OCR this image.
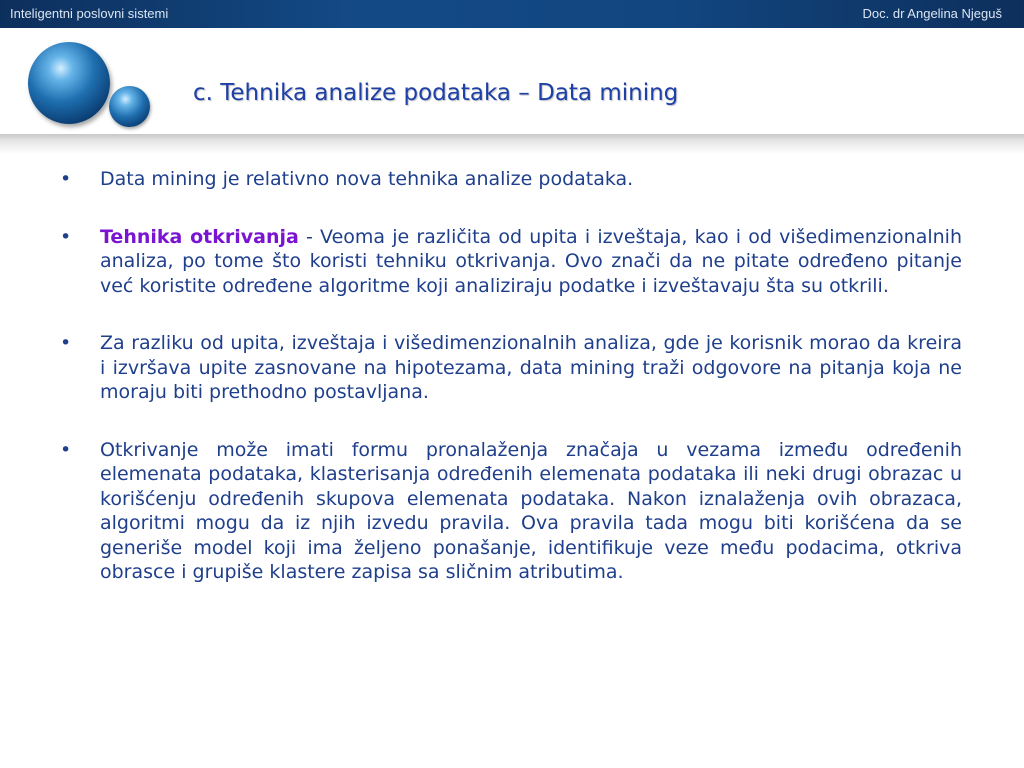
Inteligentni poslovni sistemi	Doc. dr Angelina Njeguš
c. Tehnika analize podataka – Data mining
• Data mining je relativno nova tehnika analize podataka.
• Tehnika otkrivanja - Veoma je različita od upita i izveštaja, kao i od višedimenzionalnih analiza, po tome što koristi tehniku otkrivanja. Ovo znači da ne pitate određeno pitanje već koristite određene algoritme koji analiziraju podatke i izveštavaju šta su otkrili.
• Za razliku od upita, izveštaja i višedimenzionalnih analiza, gde je korisnik morao da kreira i izvršava upite zasnovane na hipotezama, data mining traži odgovore na pitanja koja ne moraju biti prethodno postavljana.
• Otkrivanje može imati formu pronalaženja značaja u vezama između određenih elemenata podataka, klasterisanja određenih elemenata podataka ili neki drugi obrazac u korišćenju određenih skupova elemenata podataka. Nakon iznalaženja ovih obrazaca, algoritmi mogu da iz njih izvedu pravila. Ova pravila tada mogu biti korišćena da se generiše model koji ima željeno ponašanje, identifikuje veze među podacima, otkriva obrasce i grupiše klastere zapisa sa sličnim atributima.
